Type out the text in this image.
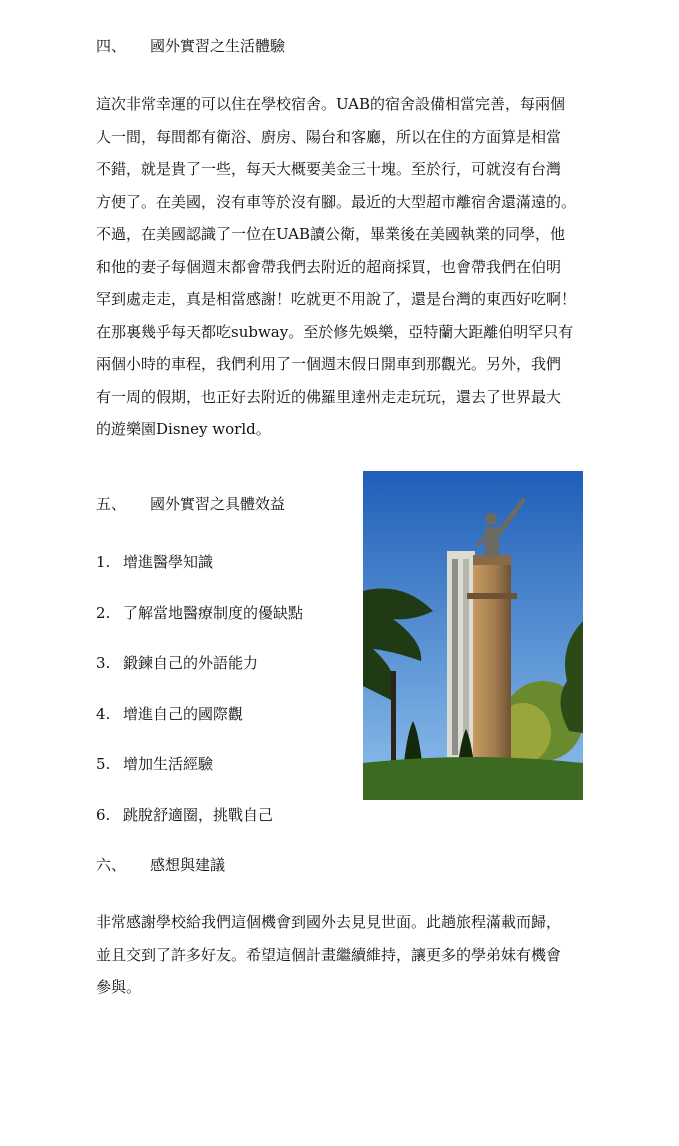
四、 國外實習之生活體驗
這次非常幸運的可以住在學校宿舍。UAB的宿舍設備相當完善，每兩個
人一間，每間都有衛浴、廚房、陽台和客廳，所以在住的方面算是相當
不錯，就是貴了一些，每天大概要美金三十塊。至於行，可就沒有台灣
方便了。在美國，沒有車等於沒有腳。最近的大型超市離宿舍還滿遠的。
不過，在美國認識了一位在UAB讀公衛，畢業後在美國執業的同學，他
和他的妻子每個週末都會帶我們去附近的超商採買，也會帶我們在伯明
罕到處走走，真是相當感謝！吃就更不用說了，還是台灣的東西好吃啊！
在那裏幾乎每天都吃subway。至於修先娛樂，亞特蘭大距離伯明罕只有
兩個小時的車程，我們利用了一個週末假日開車到那觀光。另外，我們
有一周的假期，也正好去附近的佛羅里達州走走玩玩，還去了世界最大
的遊樂園Disney world。
五、 國外實習之具體效益
1. 增進醫學知識
2. 了解當地醫療制度的優缺點
3. 鍛鍊自己的外語能力
4. 增進自己的國際觀
5. 增加生活經驗
6. 跳脫舒適圈，挑戰自己
六、 感想與建議
非常感謝學校給我們這個機會到國外去見見世面。此趟旅程滿載而歸，
並且交到了許多好友。希望這個計畫繼續維持，讓更多的學弟妹有機會
參與。
